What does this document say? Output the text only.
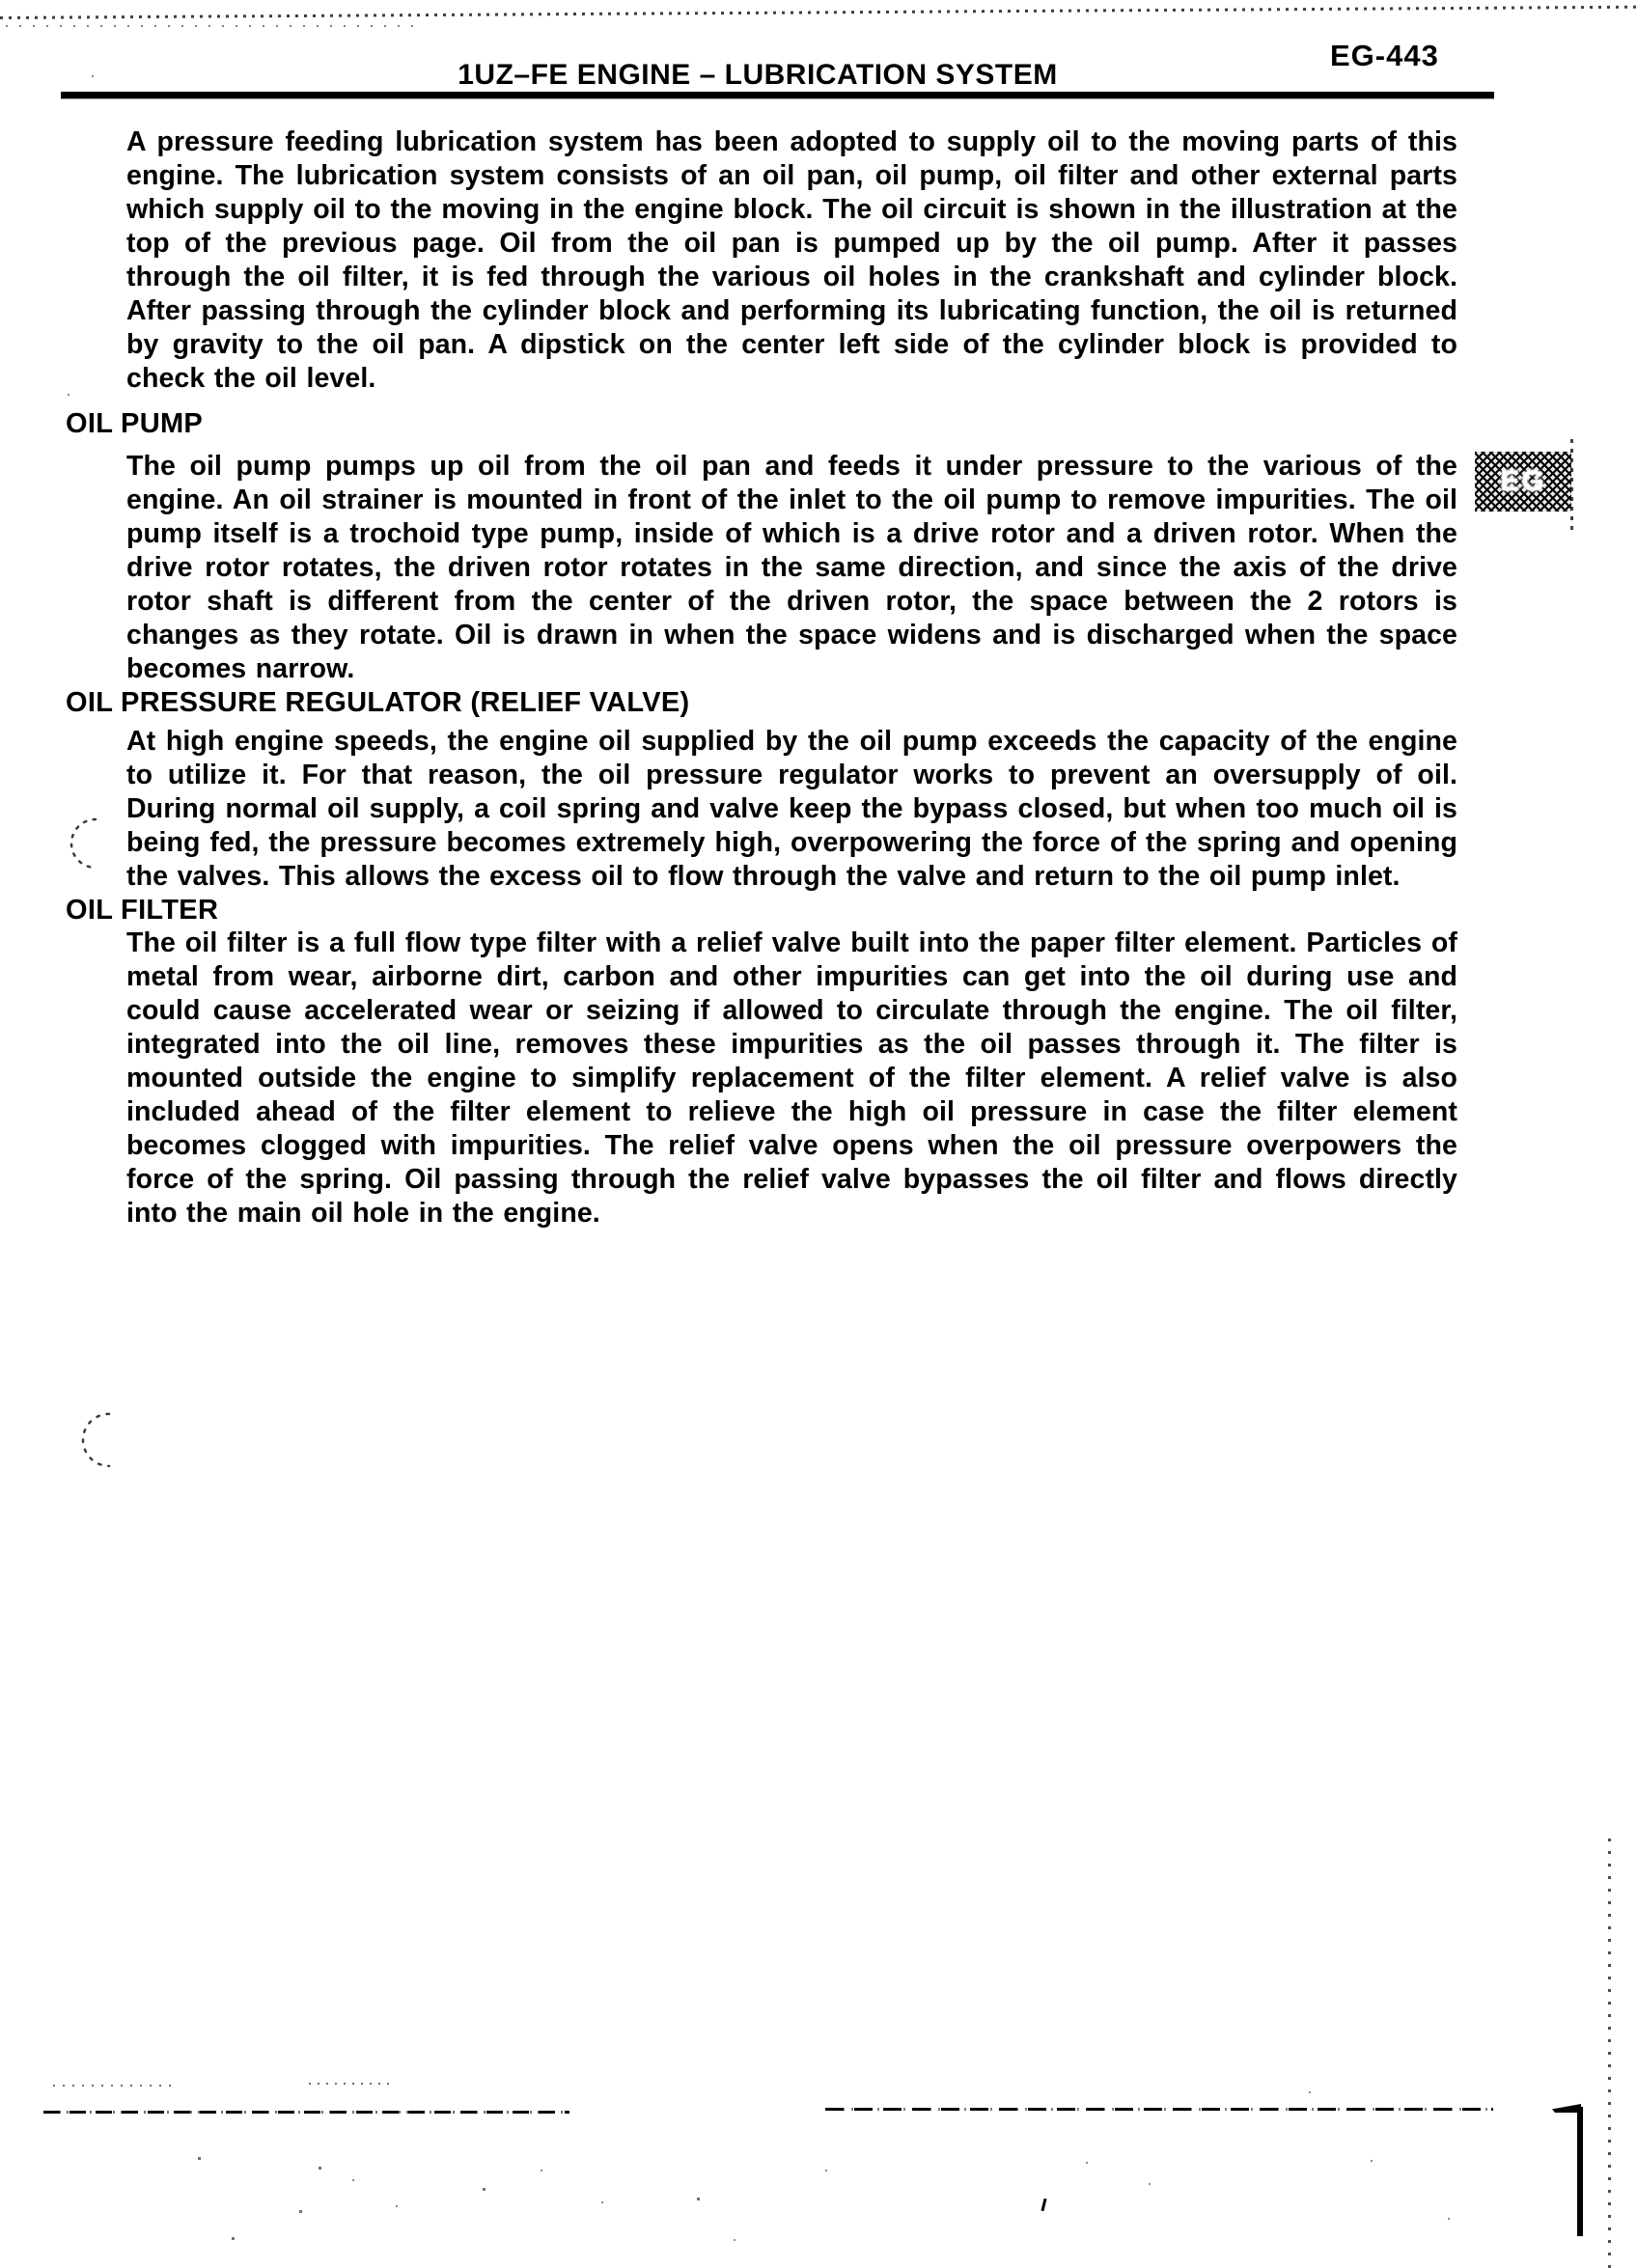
EG-443
1UZ–FE ENGINE – LUBRICATION SYSTEM

A pressure feeding lubrication system has been adopted to supply oil to the moving parts of this engine. The lubrication system consists of an oil pan, oil pump, oil filter and other external parts which supply oil to the moving in the engine block. The oil circuit is shown in the illustration at the top of the previous page. Oil from the oil pan is pumped up by the oil pump. After it passes through the oil filter, it is fed through the various oil holes in the crankshaft and cylinder block. After passing through the cylinder block and performing its lubricating function, the oil is returned by gravity to the oil pan. A dipstick on the center left side of the cylinder block is provided to check the oil level.

OIL PUMP

The oil pump pumps up oil from the oil pan and feeds it under pressure to the various of the engine. An oil strainer is mounted in front of the inlet to the oil pump to remove impurities. The oil pump itself is a trochoid type pump, inside of which is a drive rotor and a driven rotor. When the drive rotor rotates, the driven rotor rotates in the same direction, and since the axis of the drive rotor shaft is different from the center of the driven rotor, the space between the 2 rotors is changes as they rotate. Oil is drawn in when the space widens and is discharged when the space becomes narrow.

OIL PRESSURE REGULATOR (RELIEF VALVE)

At high engine speeds, the engine oil supplied by the oil pump exceeds the capacity of the engine to utilize it. For that reason, the oil pressure regulator works to prevent an oversupply of oil. During normal oil supply, a coil spring and valve keep the bypass closed, but when too much oil is being fed, the pressure becomes extremely high, overpowering the force of the spring and opening the valves. This allows the excess oil to flow through the valve and return to the oil pump inlet.

OIL FILTER

The oil filter is a full flow type filter with a relief valve built into the paper filter element. Particles of metal from wear, airborne dirt, carbon and other impurities can get into the oil during use and could cause accelerated wear or seizing if allowed to circulate through the engine. The oil filter, integrated into the oil line, removes these impurities as the oil passes through it. The filter is mounted outside the engine to simplify replacement of the filter element. A relief valve is also included ahead of the filter element to relieve the high oil pressure in case the filter element becomes clogged with impurities. The relief valve opens when the oil pressure overpowers the force of the spring. Oil passing through the relief valve bypasses the oil filter and flows directly into the main oil hole in the engine.

EG
